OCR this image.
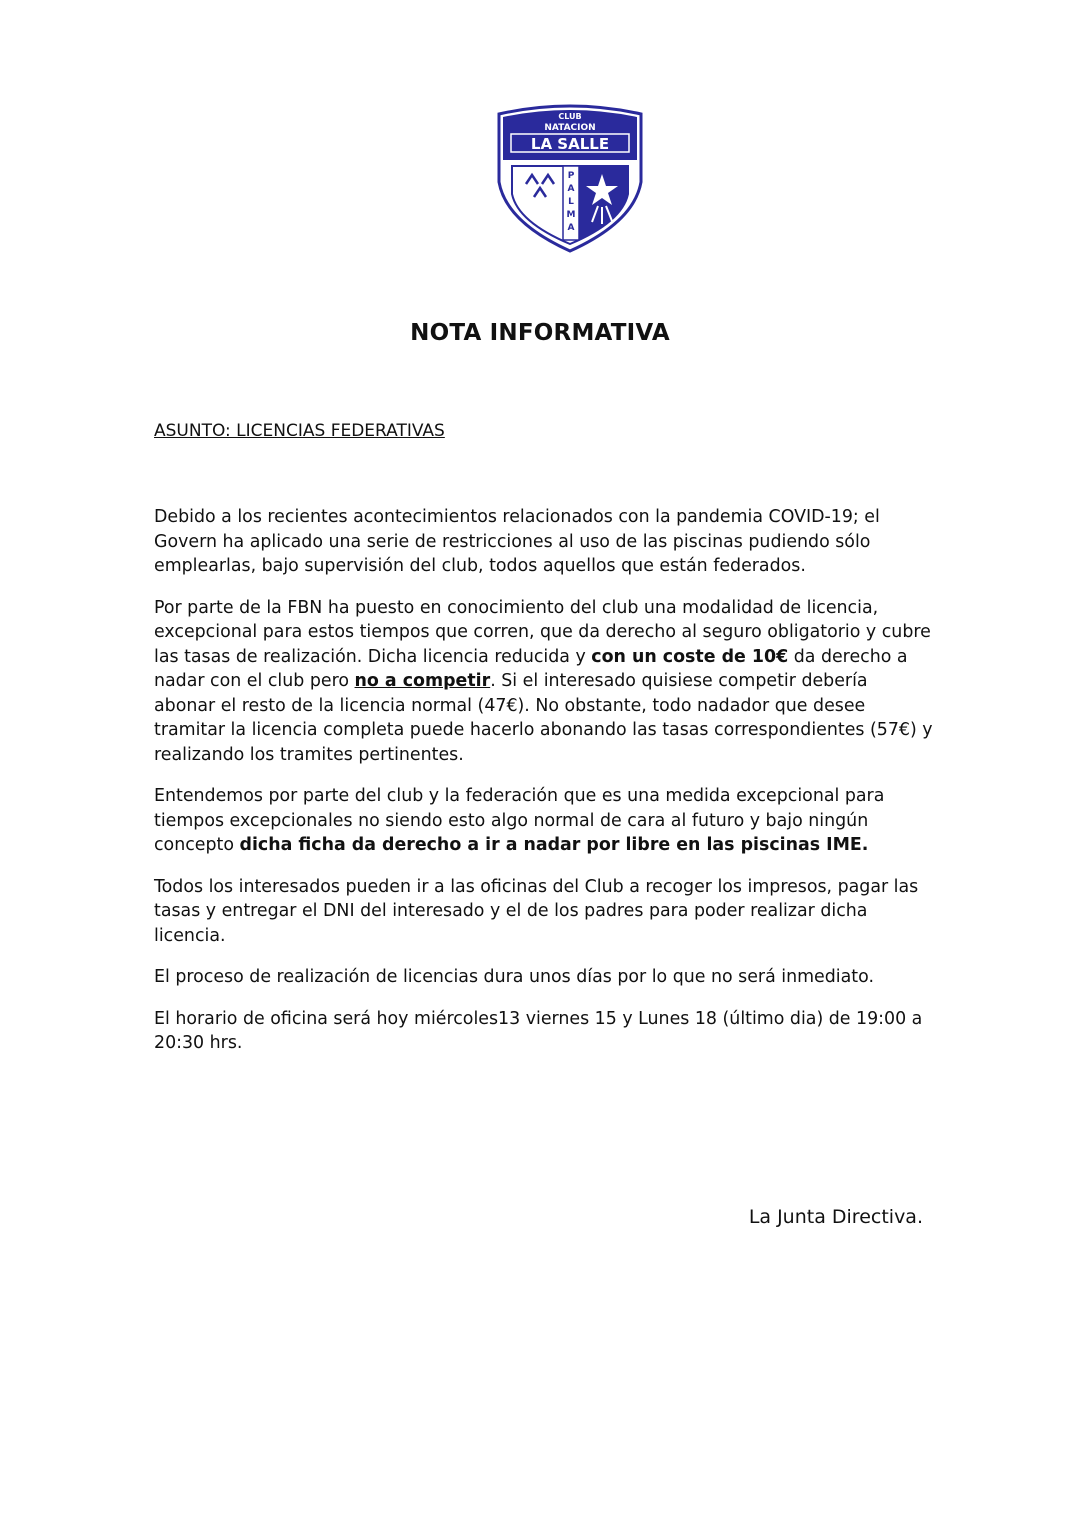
CLUB
NATACION
LA SALLE
P
A
L
M
A
NOTA INFORMATIVA

ASUNTO: LICENCIAS FEDERATIVAS

Debido a los recientes acontecimientos relacionados con la pandemia COVID-19; el Govern ha aplicado una serie de restricciones al uso de las piscinas pudiendo sólo emplearlas, bajo supervisión del club, todos aquellos que están federados.

Por parte de la FBN ha puesto en conocimiento del club una modalidad de licencia, excepcional para estos tiempos que corren, que da derecho al seguro obligatorio y cubre las tasas de realización. Dicha licencia reducida y con un coste de 10€ da derecho a nadar con el club pero no a competir. Si el interesado quisiese competir debería abonar el resto de la licencia normal (47€). No obstante, todo nadador que desee tramitar la licencia completa puede hacerlo abonando las tasas correspondientes (57€) y realizando los tramites pertinentes.

Entendemos por parte del club y la federación que es una medida excepcional para tiempos excepcionales no siendo esto algo normal de cara al futuro y bajo ningún concepto dicha ficha da derecho a ir a nadar por libre en las piscinas IME.

Todos los interesados pueden ir a las oficinas del Club a recoger los impresos, pagar las tasas y entregar el DNI del interesado y el de los padres para poder realizar dicha licencia.

El proceso de realización de licencias dura unos días por lo que no será inmediato.

El horario de oficina será hoy miércoles13 viernes 15 y Lunes 18 (último dia) de 19:00 a 20:30 hrs.

La Junta Directiva.
